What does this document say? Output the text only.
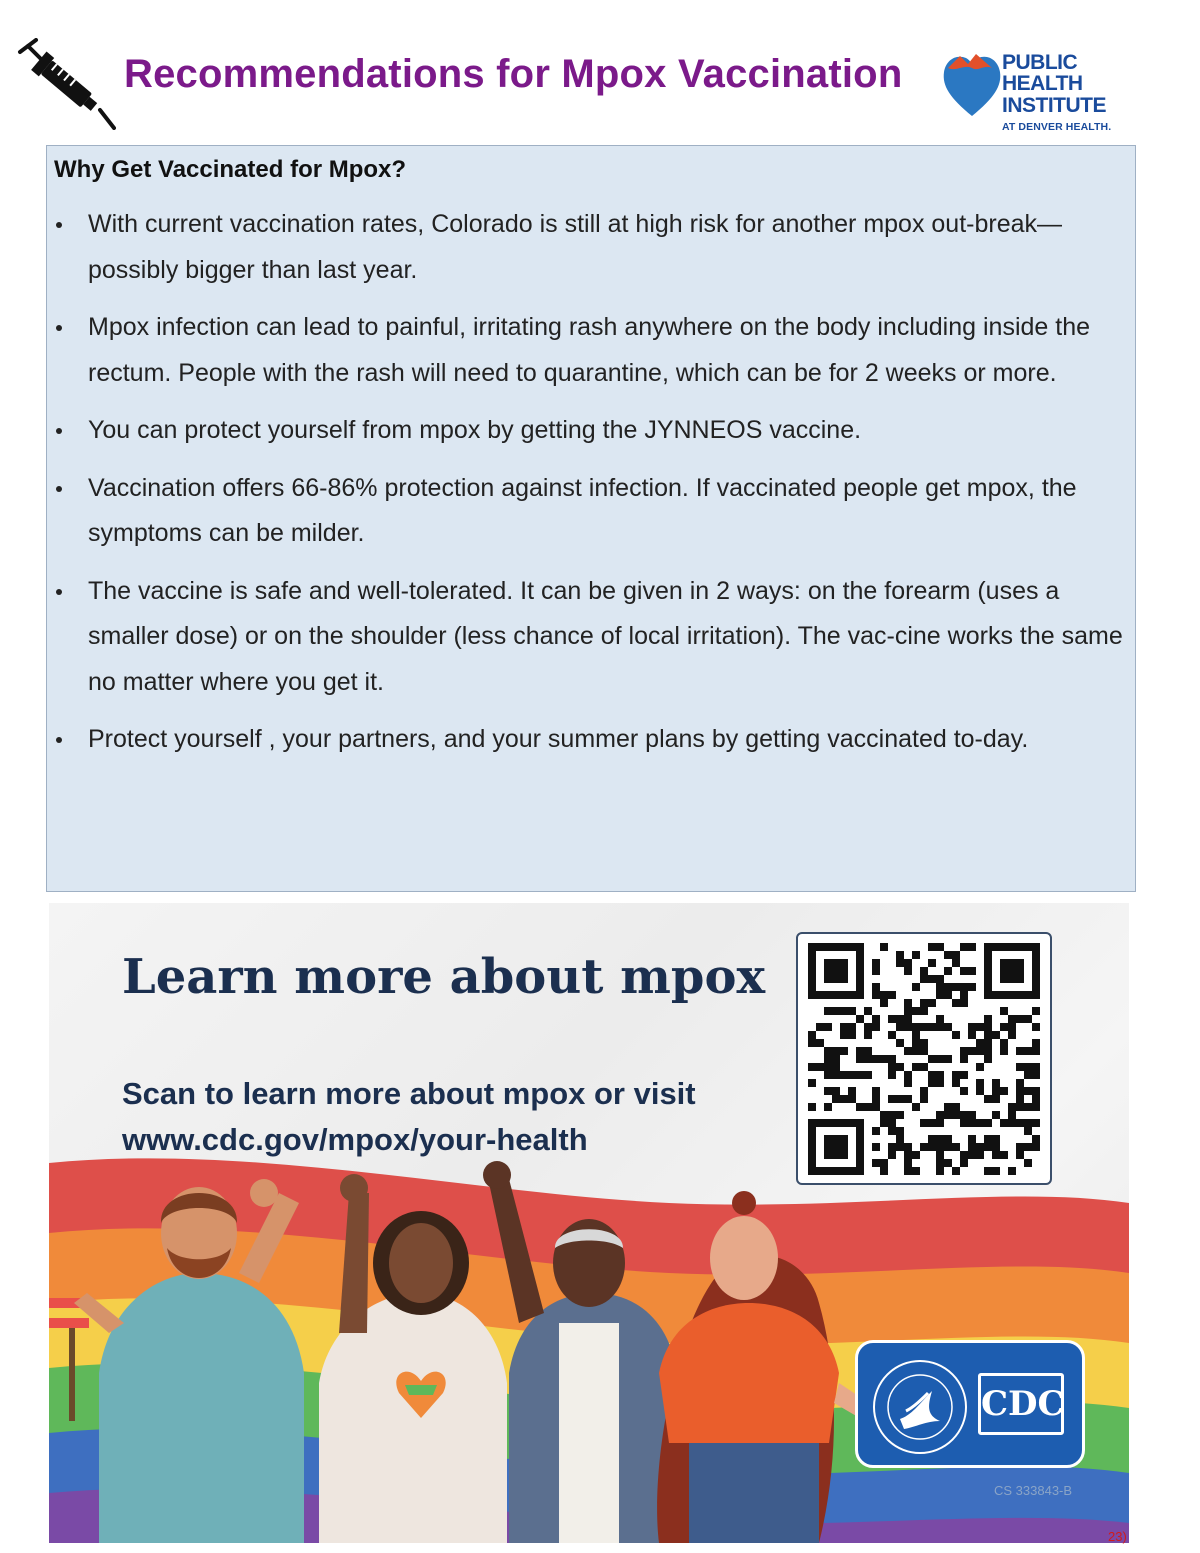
Recommendations for Mpox Vaccination	PUBLIC HEALTH
INSTITUTE
AT DENVER HEALTH.
Why Get Vaccinated for Mpox?
With current vaccination rates, Colorado is still at high risk for another mpox out-break—possibly bigger than last year.
Mpox infection can lead to painful, irritating rash anywhere on the body including inside the rectum. People with the rash will need to quarantine, which can be for 2 weeks or more.
You can protect yourself from mpox by getting the JYNNEOS vaccine.
Vaccination offers 66-86% protection against infection. If vaccinated people get mpox, the symptoms can be milder.
The vaccine is safe and well-tolerated. It can be given in 2 ways: on the forearm (uses a smaller dose) or on the shoulder (less chance of local irritation). The vac-cine works the same no matter where you get it.
Protect yourself , your partners, and your summer plans by getting vaccinated to-day.
Learn more about mpox

Scan to learn more about mpox or visit www.cdc.gov/mpox/your-health

CDC
CS 333843-B
23)
